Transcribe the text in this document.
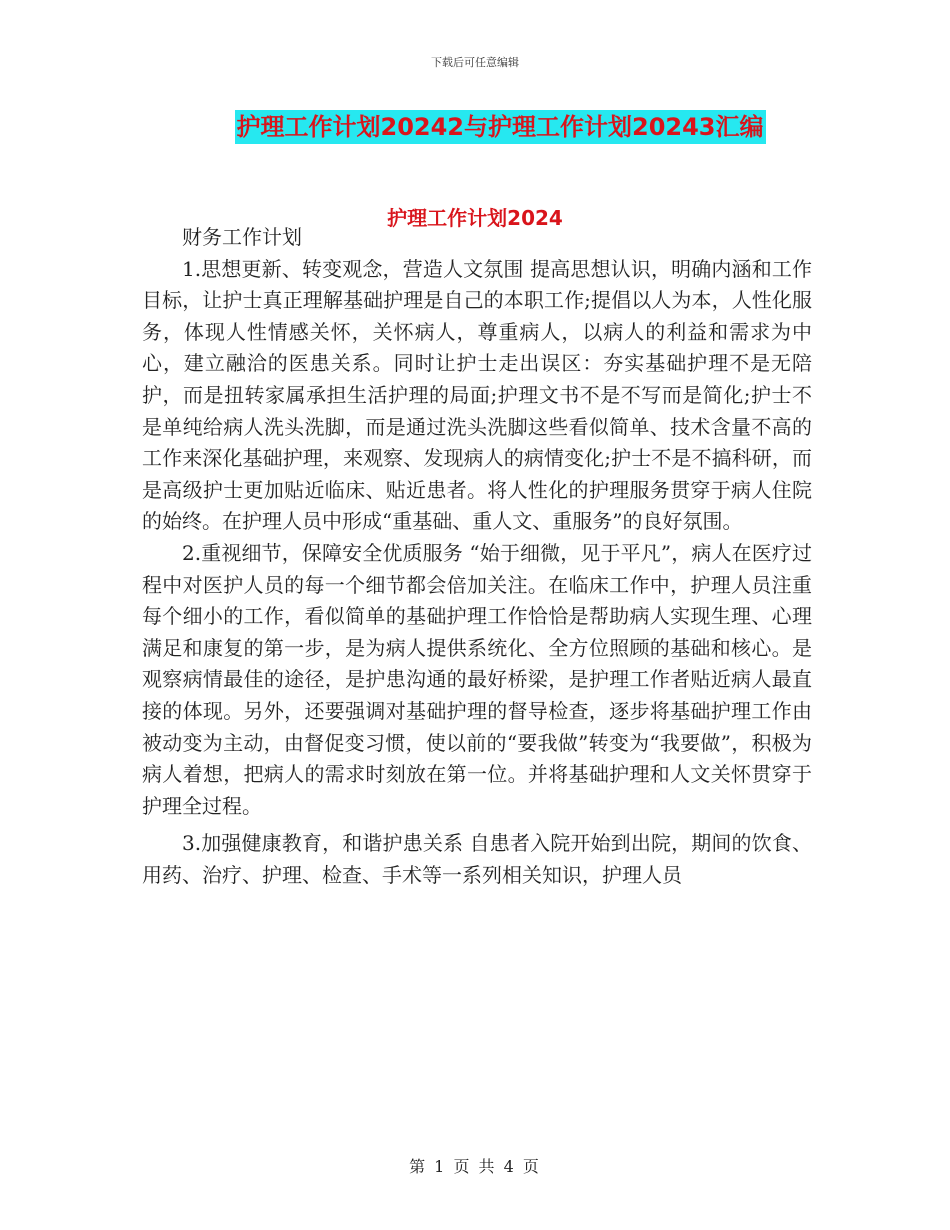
下载后可任意编辑
护理工作计划20242与护理工作计划20243汇编
护理工作计划2024

财务工作计划

1.思想更新、转变观念，营造人文氛围 提高思想认识，明确内涵和工作目标，让护士真正理解基础护理是自己的本职工作;提倡以人为本，人性化服务，体现人性情感关怀，关怀病人，尊重病人，以病人的利益和需求为中心，建立融洽的医患关系。同时让护士走出误区：夯实基础护理不是无陪护，而是扭转家属承担生活护理的局面;护理文书不是不写而是简化;护士不是单纯给病人洗头洗脚，而是通过洗头洗脚这些看似简单、技术含量不高的工作来深化基础护理，来观察、发现病人的病情变化;护士不是不搞科研，而是高级护士更加贴近临床、贴近患者。将人性化的护理服务贯穿于病人住院的始终。在护理人员中形成“重基础、重人文、重服务”的良好氛围。

2.重视细节，保障安全优质服务 “始于细微，见于平凡”，病人在医疗过程中对医护人员的每一个细节都会倍加关注。在临床工作中，护理人员注重每个细小的工作，看似简单的基础护理工作恰恰是帮助病人实现生理、心理满足和康复的第一步，是为病人提供系统化、全方位照顾的基础和核心。是观察病情最佳的途径，是护患沟通的最好桥梁，是护理工作者贴近病人最直接的体现。另外，还要强调对基础护理的督导检查，逐步将基础护理工作由被动变为主动，由督促变习惯，使以前的“要我做”转变为“我要做”，积极为病人着想，把病人的需求时刻放在第一位。并将基础护理和人文关怀贯穿于护理全过程。

3.加强健康教育，和谐护患关系 自患者入院开始到出院，期间的饮食、用药、治疗、护理、检查、手术等一系列相关知识，护理人员

第 1 页 共 4 页
